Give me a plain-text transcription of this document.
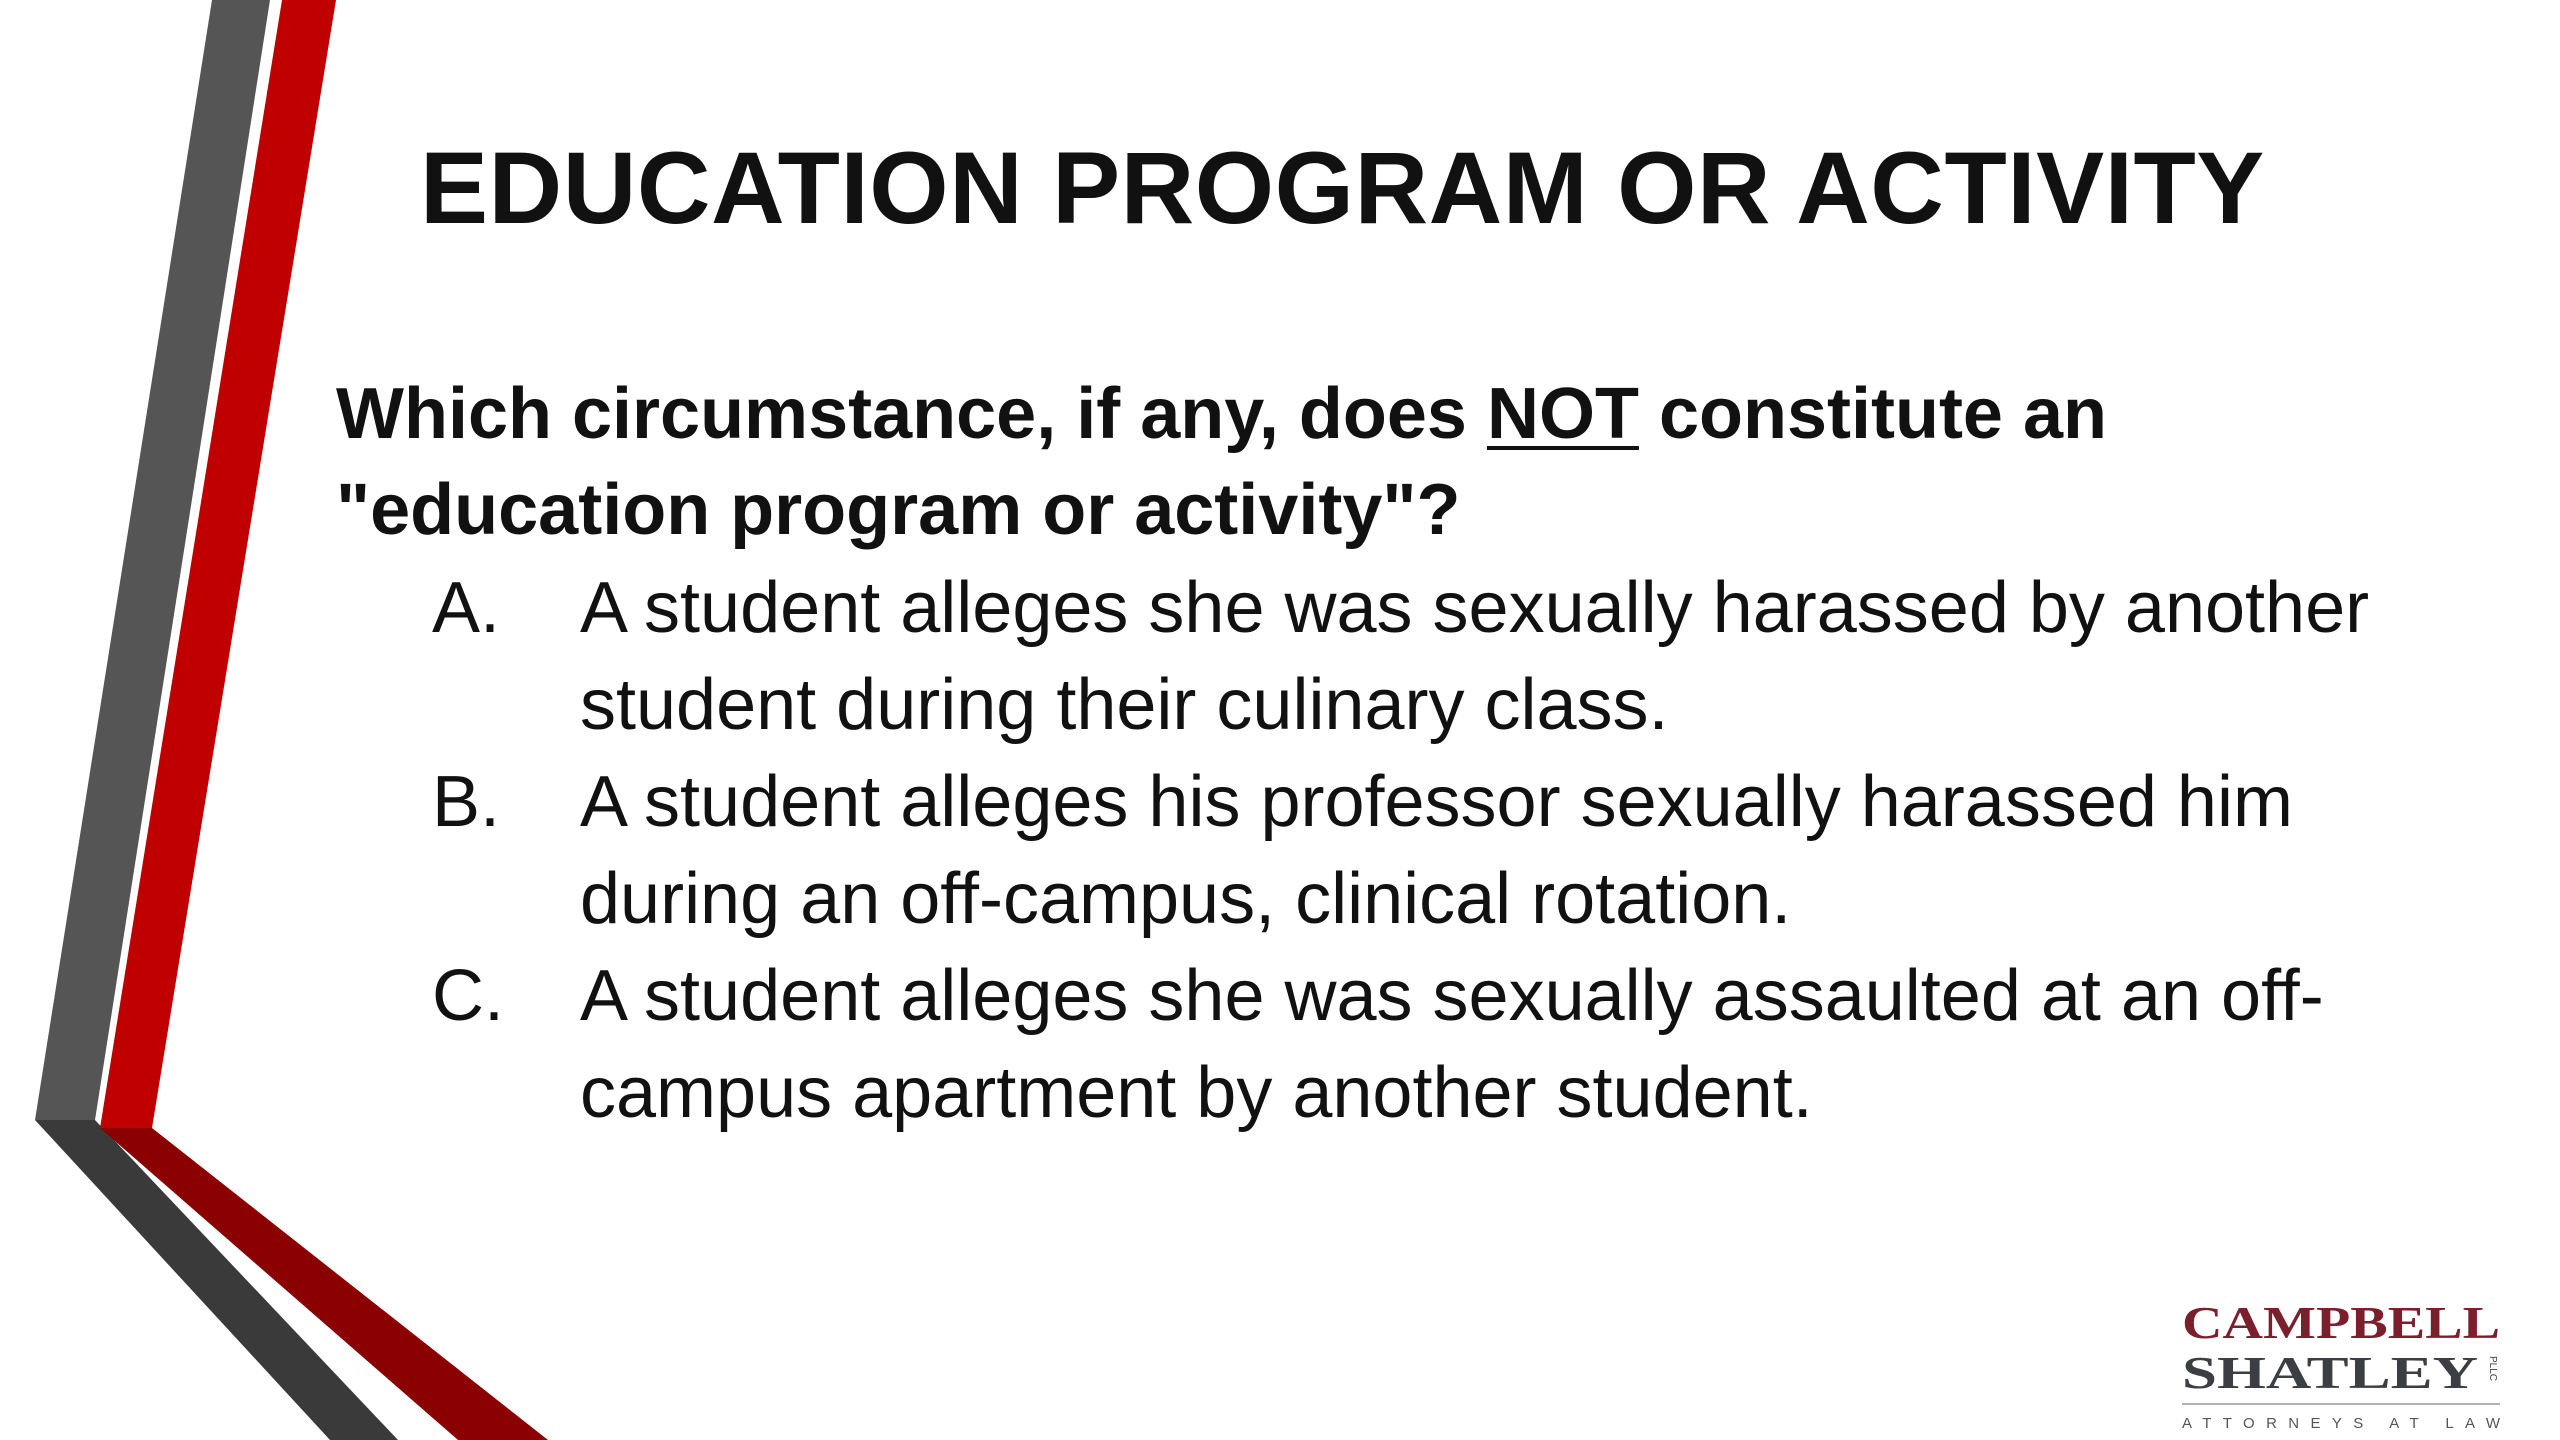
EDUCATION PROGRAM OR ACTIVITY

Which circumstance, if any, does NOT constitute an "education program or activity"?

A.	A student alleges she was sexually harassed by another student during their culinary class.
B.	A student alleges his professor sexually harassed him during an off-campus, clinical rotation.
C.	A student alleges she was sexually assaulted at an off-campus apartment by another student.
CAMPBELL
SHATLEY PLLC
ATTORNEYS AT LAW
